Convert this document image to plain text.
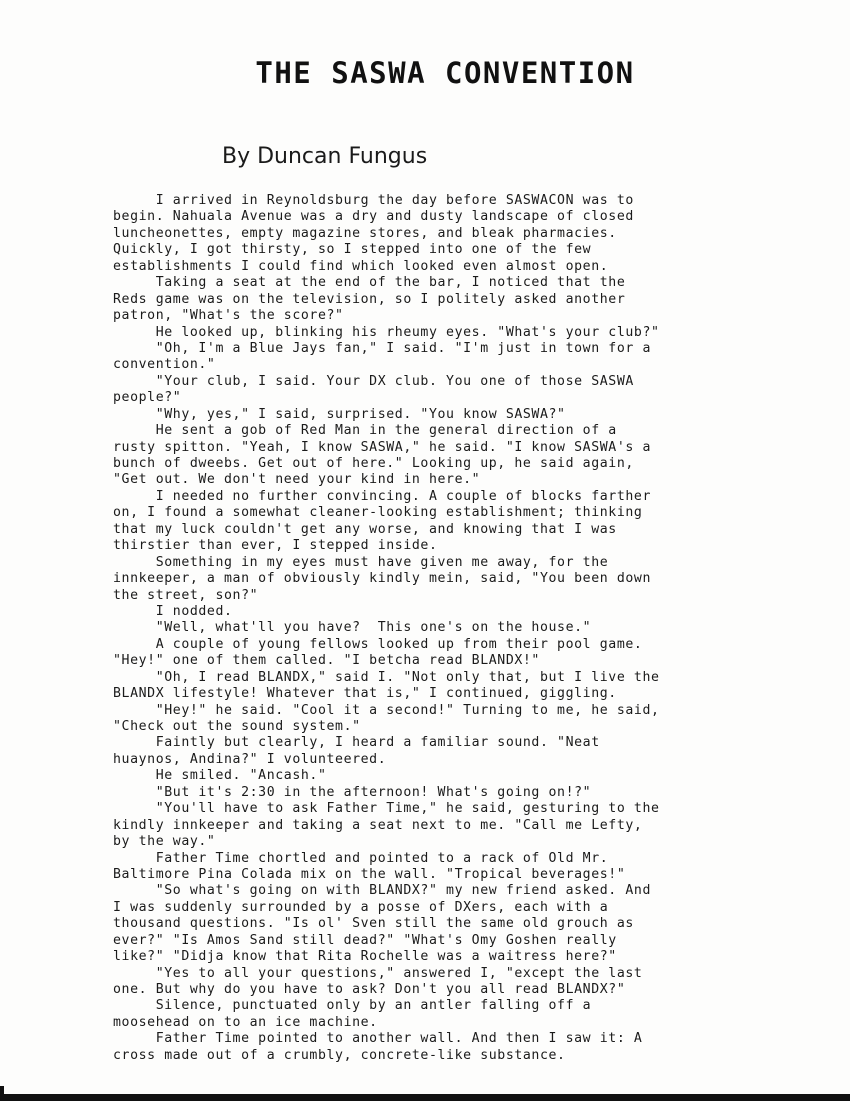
THE SASWA CONVENTION
By Duncan Fungus
I arrived in Reynoldsburg the day before SASWACON was to
begin. Nahuala Avenue was a dry and dusty landscape of closed
luncheonettes, empty magazine stores, and bleak pharmacies.
Quickly, I got thirsty, so I stepped into one of the few
establishments I could find which looked even almost open.
Taking a seat at the end of the bar, I noticed that the
Reds game was on the television, so I politely asked another
patron, "What's the score?"
He looked up, blinking his rheumy eyes. "What's your club?"
"Oh, I'm a Blue Jays fan," I said. "I'm just in town for a
convention."
"Your club, I said. Your DX club. You one of those SASWA
people?"
"Why, yes," I said, surprised. "You know SASWA?"
He sent a gob of Red Man in the general direction of a
rusty spitton. "Yeah, I know SASWA," he said. "I know SASWA's a
bunch of dweebs. Get out of here." Looking up, he said again,
"Get out. We don't need your kind in here."
I needed no further convincing. A couple of blocks farther
on, I found a somewhat cleaner-looking establishment; thinking
that my luck couldn't get any worse, and knowing that I was
thirstier than ever, I stepped inside.
Something in my eyes must have given me away, for the
innkeeper, a man of obviously kindly mein, said, "You been down
the street, son?"
I nodded.
"Well, what'll you have?  This one's on the house."
A couple of young fellows looked up from their pool game.
"Hey!" one of them called. "I betcha read BLANDX!"
"Oh, I read BLANDX," said I. "Not only that, but I live the
BLANDX lifestyle! Whatever that is," I continued, giggling.
"Hey!" he said. "Cool it a second!" Turning to me, he said,
"Check out the sound system."
Faintly but clearly, I heard a familiar sound. "Neat
huaynos, Andina?" I volunteered.
He smiled. "Ancash."
"But it's 2:30 in the afternoon! What's going on!?"
"You'll have to ask Father Time," he said, gesturing to the
kindly innkeeper and taking a seat next to me. "Call me Lefty,
by the way."
Father Time chortled and pointed to a rack of Old Mr.
Baltimore Pina Colada mix on the wall. "Tropical beverages!"
"So what's going on with BLANDX?" my new friend asked. And
I was suddenly surrounded by a posse of DXers, each with a
thousand questions. "Is ol' Sven still the same old grouch as
ever?" "Is Amos Sand still dead?" "What's Omy Goshen really
like?" "Didja know that Rita Rochelle was a waitress here?"
"Yes to all your questions," answered I, "except the last
one. But why do you have to ask? Don't you all read BLANDX?"
Silence, punctuated only by an antler falling off a
moosehead on to an ice machine.
Father Time pointed to another wall. And then I saw it: A
cross made out of a crumbly, concrete-like substance.
